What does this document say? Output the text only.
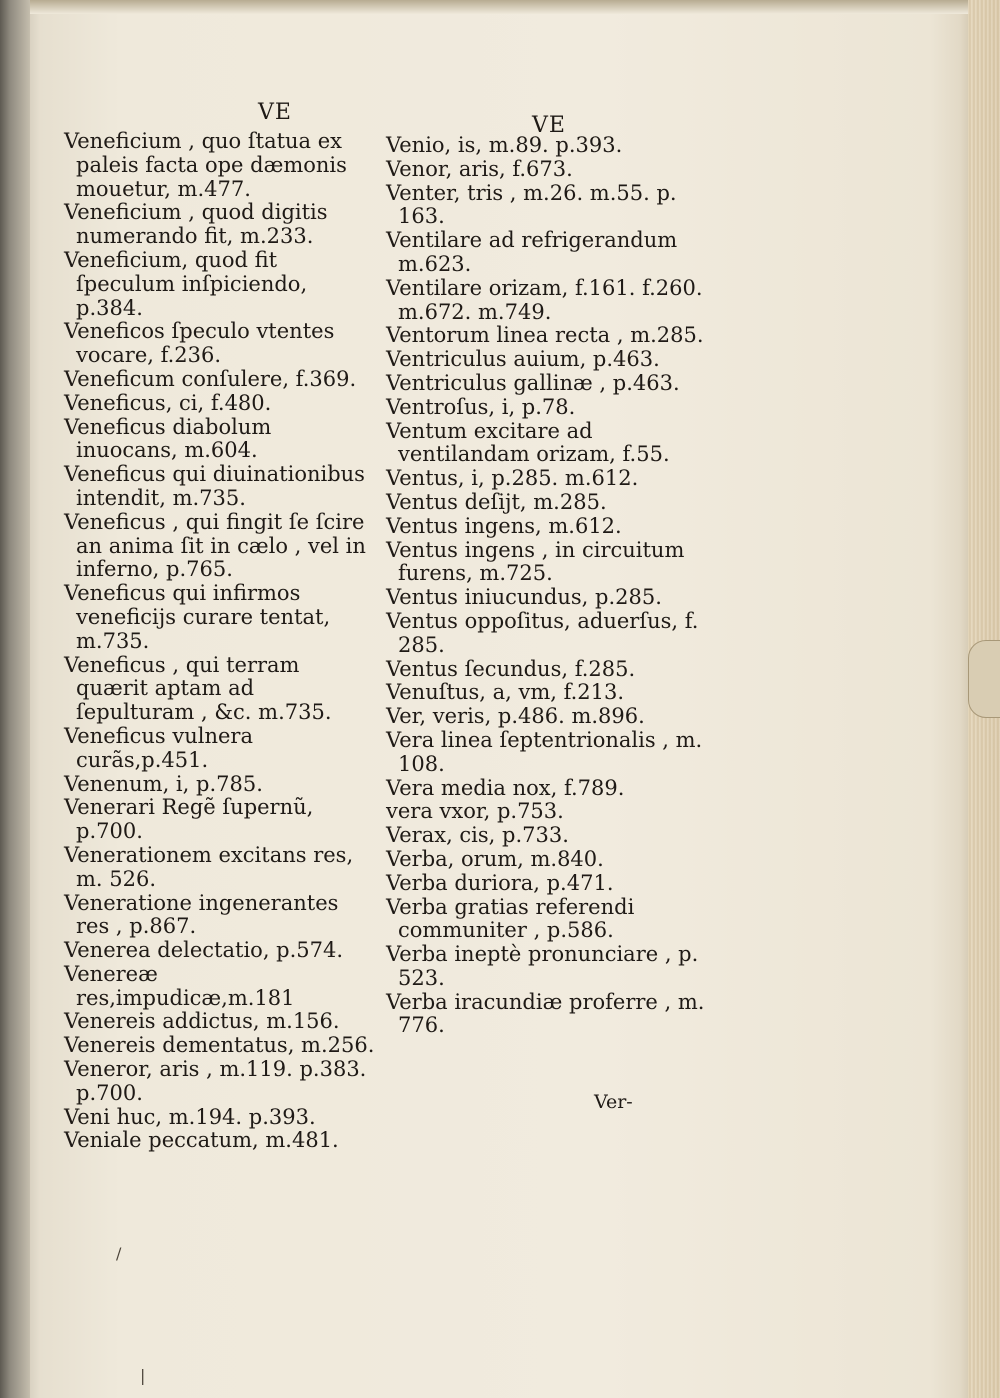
VE
VE

Veneficium , quo ſtatua ex paleis facta ope dæmonis mouetur, m.477.

Veneficium , quod digitis numerando fit, m.233.

Veneficium, quod fit ſpeculum inſpiciendo, p.384.

Veneficos ſpeculo vtentes vocare, f.236.

Veneficum conſulere, f.369.

Veneficus, ci, f.480.

Veneficus diabolum inuocans, m.604.

Veneficus qui diuinationibus intendit, m.735.

Veneficus , qui fingit ſe ſcire an anima ſit in cælo , vel in inferno, p.765.

Veneficus qui infirmos veneficijs curare tentat, m.735.

Veneficus , qui terram quærit aptam ad ſepulturam , &c. m.735.

Veneficus vulnera curãs,p.451.

Venenum, i, p.785.

Venerari Regẽ ſupernũ, p.700.

Venerationem excitans res, m. 526.

Veneratione ingenerantes res , p.867.

Venerea delectatio, p.574.

Venereæ res,impudicæ,m.181

Venereis addictus, m.156.

Venereis dementatus, m.256.

Veneror, aris , m.119. p.383. p.700.

Veni huc, m.194. p.393.

Veniale peccatum, m.481.

Venio, is, m.89. p.393.

Venor, aris, f.673.

Venter, tris , m.26. m.55. p. 163.

Ventilare ad refrigerandum m.623.

Ventilare orizam, f.161. f.260. m.672. m.749.

Ventorum linea recta , m.285.

Ventriculus auium, p.463.

Ventriculus gallinæ , p.463.

Ventroſus, i, p.78.

Ventum excitare ad ventilandam orizam, f.55.

Ventus, i, p.285. m.612.

Ventus deſijt, m.285.

Ventus ingens, m.612.

Ventus ingens , in circuitum furens, m.725.

Ventus iniucundus, p.285.

Ventus oppoſitus, aduerſus, f. 285.

Ventus ſecundus, f.285.

Venuſtus, a, vm, f.213.

Ver, veris, p.486. m.896.

Vera linea ſeptentrionalis , m. 108.

Vera media nox, f.789.

vera vxor, p.753.

Verax, cis, p.733.

Verba, orum, m.840.

Verba duriora, p.471.

Verba gratias referendi communiter , p.586.

Verba ineptè pronunciare , p. 523.

Verba iracundiæ proferre , m. 776.

Ver-
/
|
